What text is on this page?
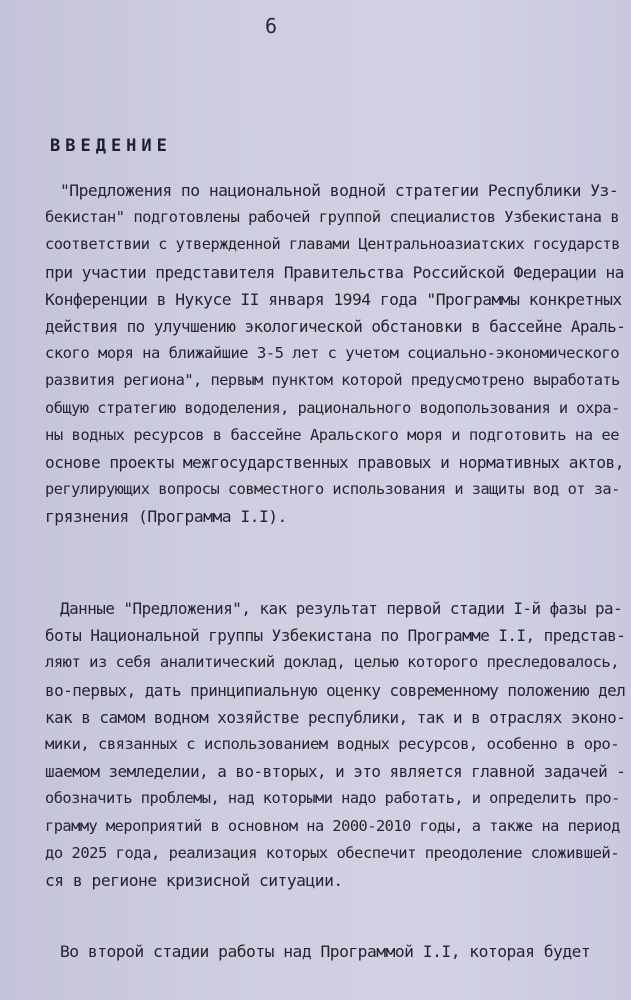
6
ВВЕДЕНИЕ
"Предложения по национальной водной стратегии Республики Уз-
бекистан" подготовлены рабочей группой специалистов Узбекистана в
соответствии с утвержденной главами Центральноазиатских государств
при участии представителя Правительства Российской Федерации на
Конференции в Нукусе II января 1994 года "Программы конкретных
действия по улучшению экологической обстановки в бассейне Араль-
ского моря на ближайшие 3-5 лет с учетом социально-экономического
развития региона", первым пунктом которой предусмотрено выработать
общую стратегию вододеления, рационального водопользования и охра-
ны водных ресурсов в бассейне Аральского моря и подготовить на ее
основе проекты межгосударственных правовых и нормативных актов,
регулирующих вопросы совместного использования и защиты вод от за-
грязнения (Программа I.I).
Данные "Предложения", как результат первой стадии I-й фазы ра-
боты Национальной группы Узбекистана по Программе I.I, представ-
ляют из себя аналитический доклад, целью которого преследовалось,
во-первых, дать принципиальную оценку современному положению дел
как в самом водном хозяйстве республики, так и в отраслях эконо-
мики, связанных с использованием водных ресурсов, особенно в оро-
шаемом земледелии, а во-вторых, и это является главной задачей -
обозначить проблемы, над которыми надо работать, и определить про-
грамму мероприятий в основном на 2000-2010 годы, а также на период
до 2025 года, реализация которых обеспечит преодоление сложившей-
ся в регионе кризисной ситуации.
Во второй стадии работы над Программой I.I, которая будет
